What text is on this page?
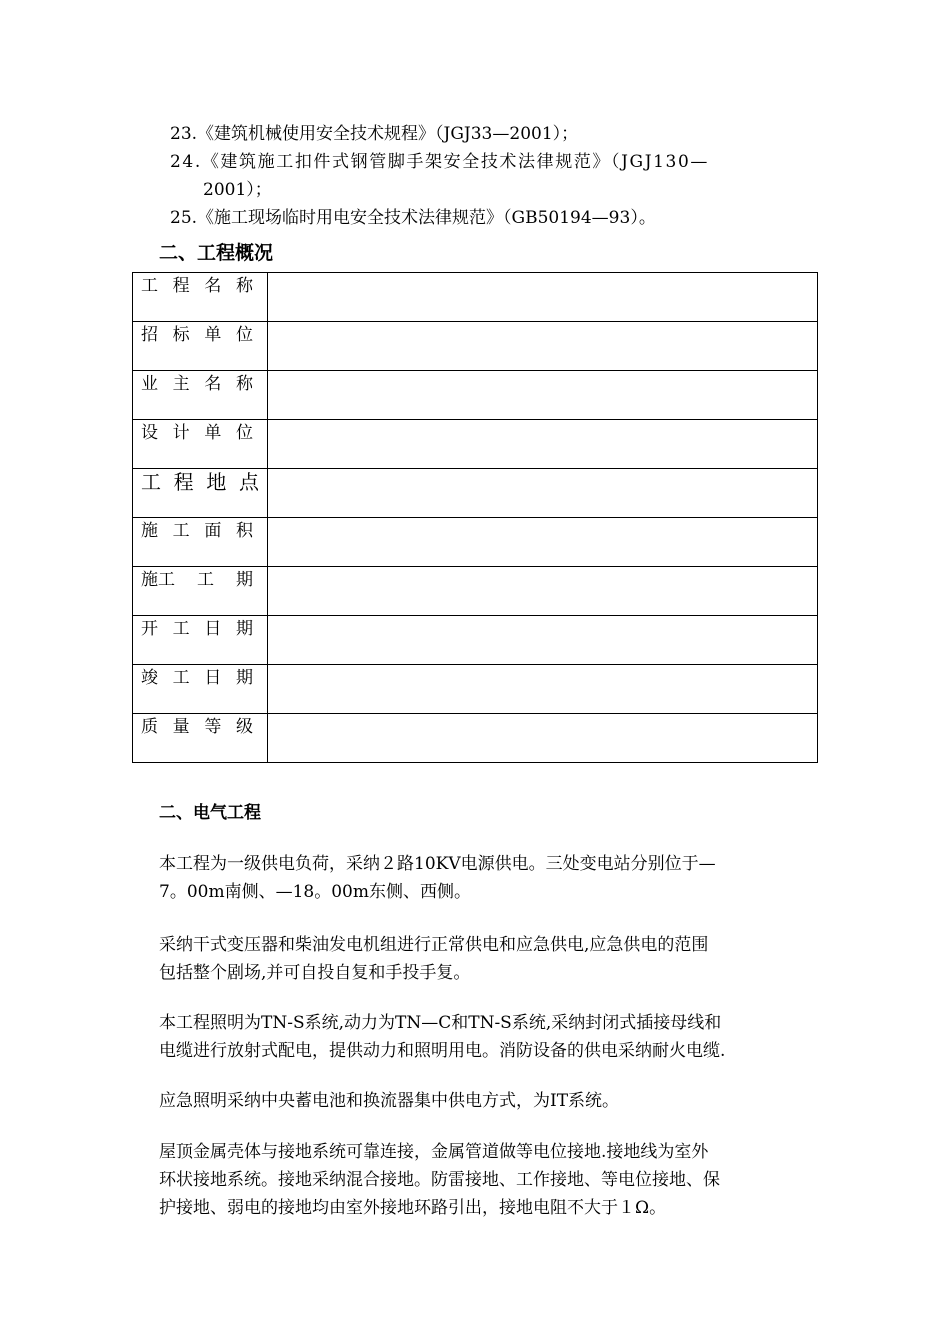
23.《建筑机械使用安全技术规程》（JGJ33—2001）；
24.《建筑施工扣件式钢管脚手架安全技术法律规范》（JGJ130—
2001）；
25.《施工现场临时用电安全技术法律规范》（GB50194—93）。
二、工程概况
工 程 名 称	

招 标 单 位	

业 主 名 称	

设 计 单 位	

工 程 地 点	

施 工 面 积	

施工 工 期	

开 工 日 期	

竣 工 日 期	

质 量 等 级	

二、电气工程
本工程为一级供电负荷，采纳２路10KV电源供电。三处变电站分别位于—
7。00m南侧、—18。00m东侧、西侧。
采纳干式变压器和柴油发电机组进行正常供电和应急供电,应急供电的范围
包括整个剧场,并可自投自复和手投手复。
本工程照明为TN-S系统,动力为TN—C和TN-S系统,采纳封闭式插接母线和
电缆进行放射式配电，提供动力和照明用电。消防设备的供电采纳耐火电缆.
应急照明采纳中央蓄电池和换流器集中供电方式，为IT系统。
屋顶金属壳体与接地系统可靠连接，金属管道做等电位接地.接地线为室外
环状接地系统。接地采纳混合接地。防雷接地、工作接地、等电位接地、保
护接地、弱电的接地均由室外接地环路引出，接地电阻不大于１Ω。
